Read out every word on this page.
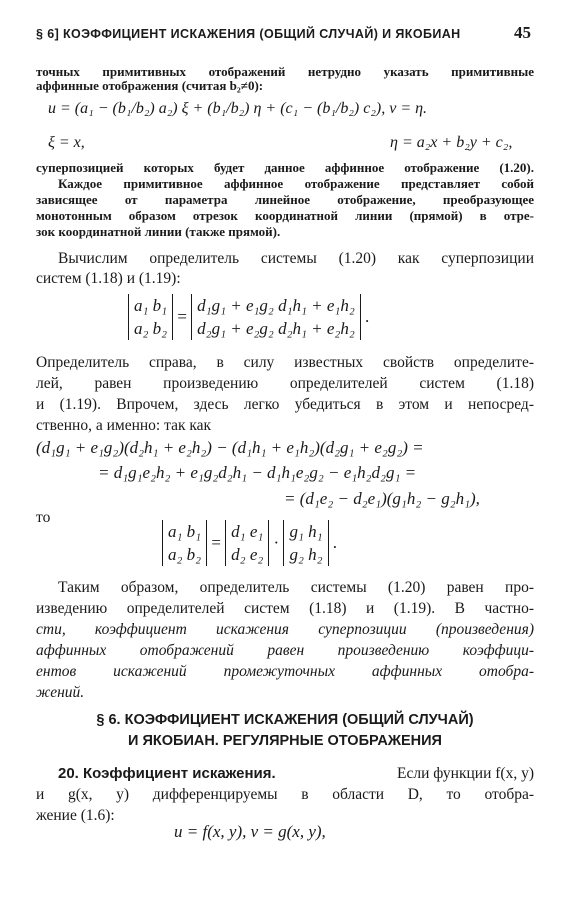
§ 6] КОЭФФИЦИЕНТ ИСКАЖЕНИЯ (ОБЩИЙ СЛУЧАЙ) И ЯКОБИАН	45
точных примитивных отображений нетрудно указать примитивные
аффинные отображения (считая b₂≠0):
u = (a₁ − (b₁/b₂) a₂) ξ + (b₁/b₂) η + (c₁ − (b₁/b₂) c₂), v = η.
ξ = x,	η = a₂x + b₂y + c₂,
суперпозицией которых будет данное аффинное отображение (1.20).
Каждое примитивное аффинное отображение представляет собой
зависящее от параметра линейное отображение, преобразующее
монотонным образом отрезок координатной линии (прямой) в отре-
зок координатной линии (также прямой).
Вычислим определитель системы (1.20) как суперпозиции
систем (1.18) и (1.19):
a₁ b₁
a₂ b₂
=
d₁g₁ + e₁g₂ d₁h₁ + e₁h₂
d₂g₁ + e₂g₂ d₂h₁ + e₂h₂
.
Определитель справа, в силу известных свойств определите-
лей, равен произведению определителей систем (1.18)
и (1.19). Впрочем, здесь легко убедиться в этом и непосред-
ственно, а именно: так как
(d₁g₁ + e₁g₂)(d₂h₁ + e₂h₂) − (d₁h₁ + e₁h₂)(d₂g₁ + e₂g₂) =
= d₁g₁e₂h₂ + e₁g₂d₂h₁ − d₁h₁e₂g₂ − e₁h₂d₂g₁ =
= (d₁e₂ − d₂e₁)(g₁h₂ − g₂h₁),
то
a₁ b₁
a₂ b₂
=
d₁ e₁
d₂ e₂
·
g₁ h₁
g₂ h₂
.
Таким образом, определитель системы (1.20) равен про-
изведению определителей систем (1.18) и (1.19). В частно-
сти, коэффициент искажения суперпозиции (произведения)
аффинных отображений равен произведению коэффици-
ентов искажений промежуточных аффинных отобра-
жений.
§ 6. КОЭФФИЦИЕНТ ИСКАЖЕНИЯ (ОБЩИЙ СЛУЧАЙ)
И ЯКОБИАН. РЕГУЛЯРНЫЕ ОТОБРАЖЕНИЯ
20. Коэффициент искажения.	Если функции f(x, y)
и g(x, y) дифференцируемы в области D, то отобра-
жение (1.6):
u = f(x, y), v = g(x, y),
